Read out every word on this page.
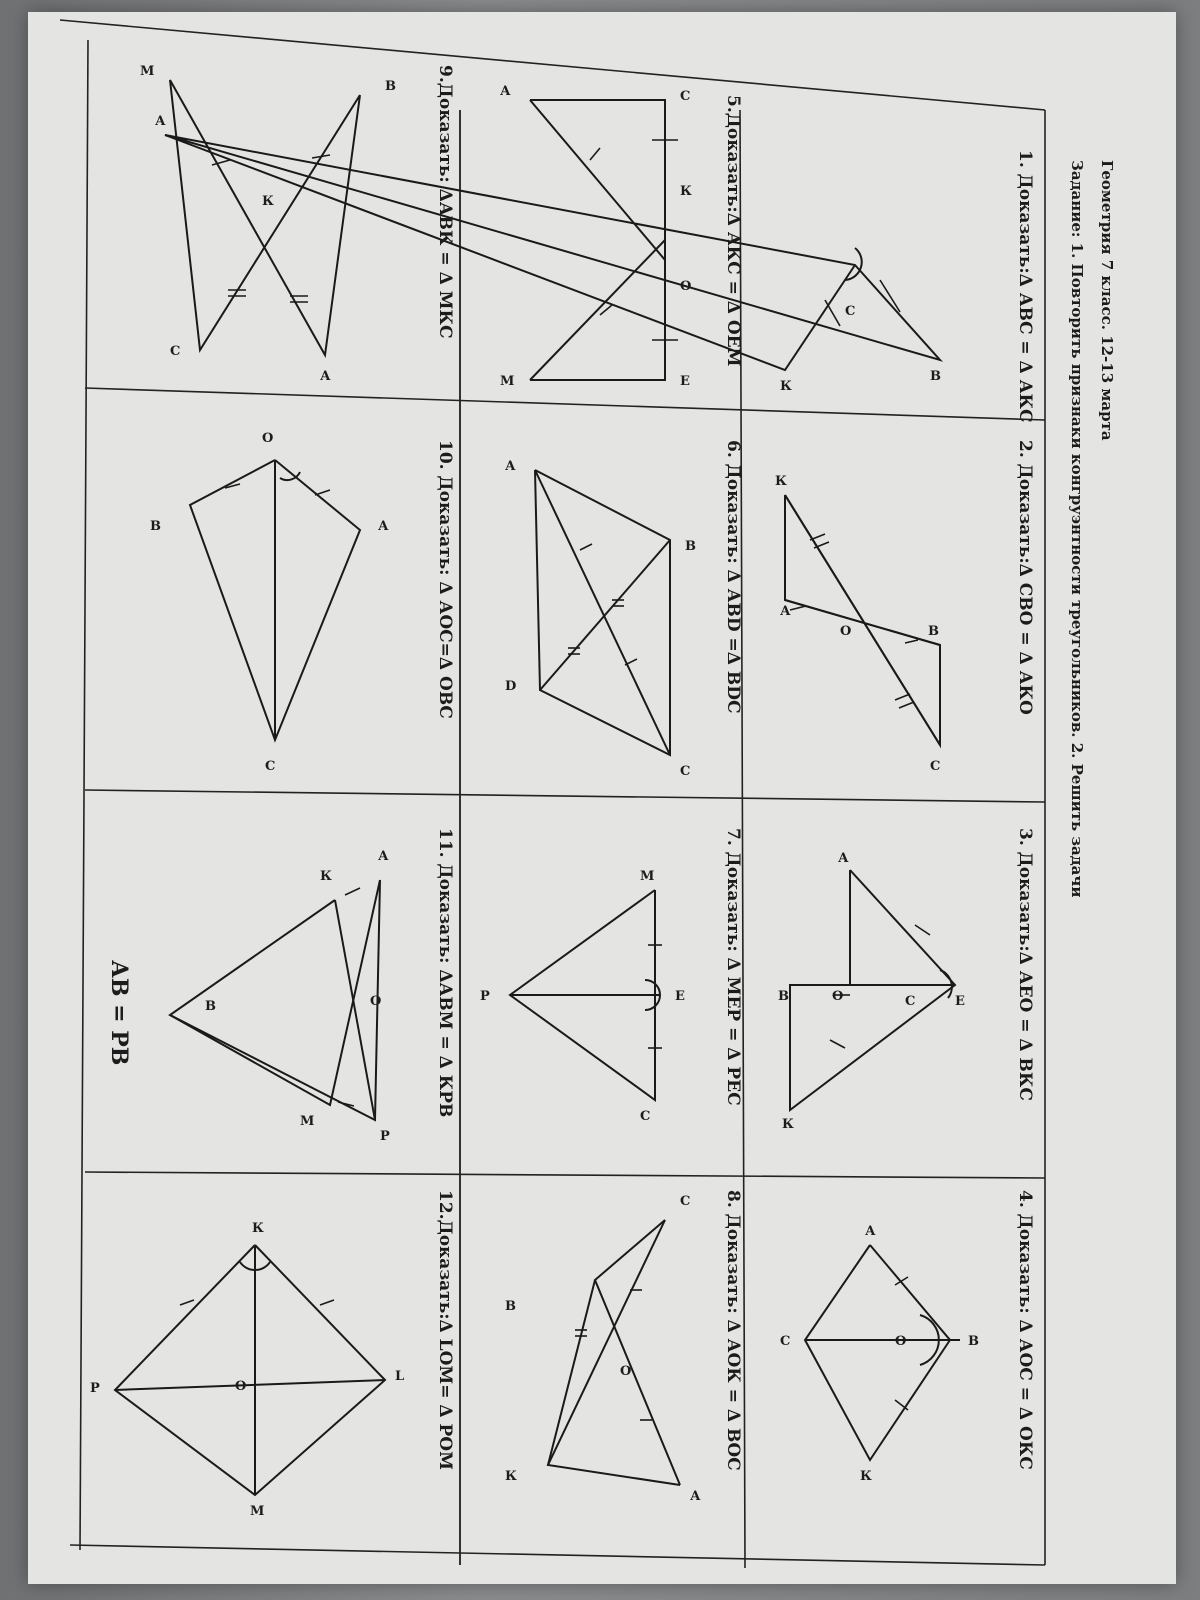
Геометрия 7 класс. 12-13 марта
Задание: 1. Повторить признаки конгруэнтности треугольников. 2. Решить задачи
1. Доказать:Δ АВС = Δ АКС
А
В
С
К
2. Доказать:Δ СВО = Δ АКО
К
В
О
А
С
3. Доказать:Δ АЕО = Δ ВКС
А
Е
С
О
В
К
4. Доказать: Δ АОС = Δ ОКС
А
В
О
С
К
5.Доказать:Δ АКС = Δ ОЕМ
С
К
О
Е
А
М
6. Доказать: Δ АВD =Δ ВDС
В
С
А
D
7. Доказать: Δ МЕР = Δ РЕС
М
Е
С
Р
8. Доказать: Δ АОК = Δ ВОС
С
О
А
В
К
9.Доказать: ΔАВК = Δ МКС
В
М
К
А
С
10. Доказать: Δ АОС=Δ ОВС
А
О
В
С
11. Доказать: ΔАВМ = Δ КРВ
А
К
О
Р
М
В
АВ = РВ
12.Доказать:Δ LОМ= Δ РОМ
К
L
О
Р
М
